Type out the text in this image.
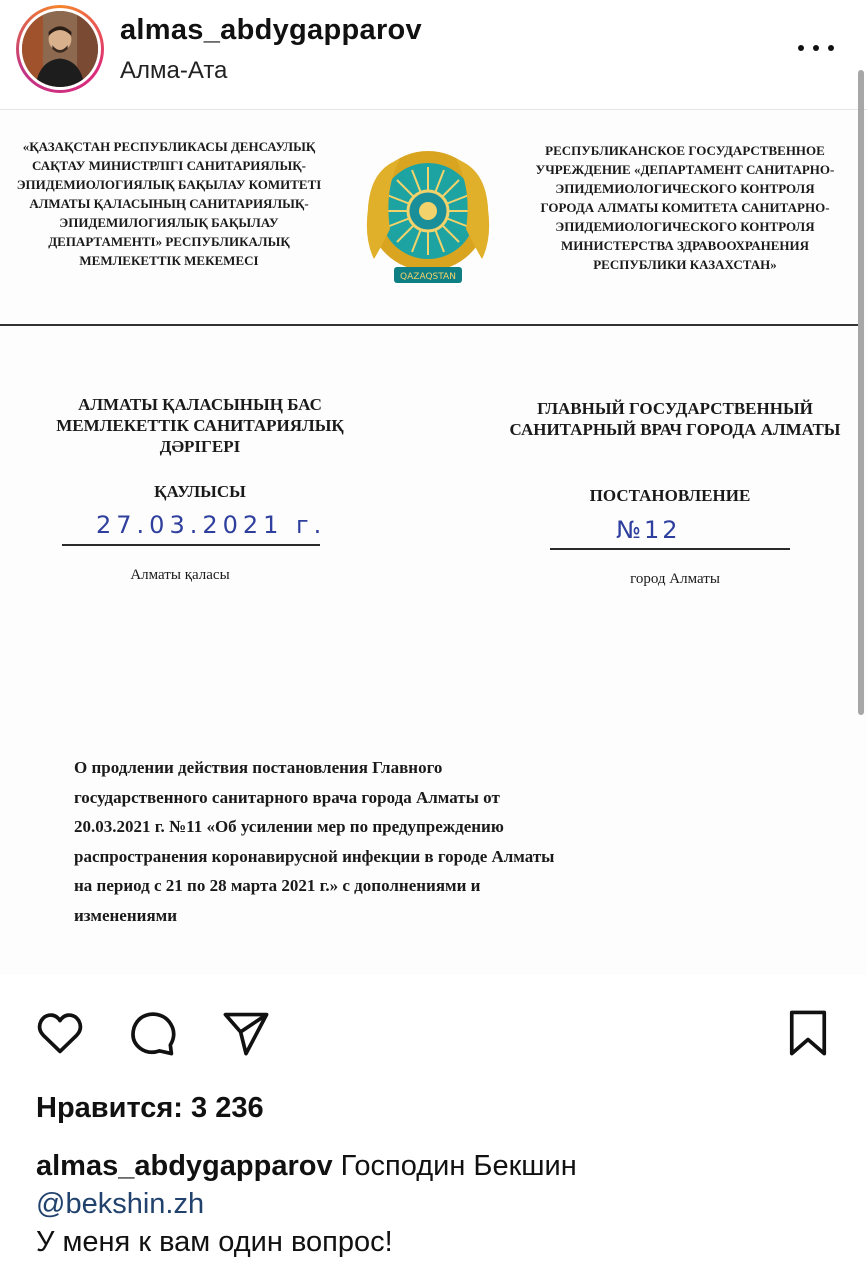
almas_abdygapparov
Алма-Ата
«ҚАЗАҚСТАН РЕСПУБЛИКАСЫ ДЕНСАУЛЫҚ САҚТАУ МИНИСТРЛІГІ САНИТАРИЯЛЫҚ-ЭПИДЕМИОЛОГИЯЛЫҚ БАҚЫЛАУ КОМИТЕТІ АЛМАТЫ ҚАЛАСЫНЫҢ САНИТАРИЯЛЫҚ-ЭПИДЕМИЛОГИЯЛЫҚ БАҚЫЛАУ ДЕПАРТАМЕНТІ» РЕСПУБЛИКАЛЫҚ МЕМЛЕКЕТТІК МЕКЕМЕСІ
QAZAQSTAN
РЕСПУБЛИКАНСКОЕ ГОСУДАРСТВЕННОЕ УЧРЕЖДЕНИЕ «ДЕПАРТАМЕНТ САНИТАРНО-ЭПИДЕМИОЛОГИЧЕСКОГО КОНТРОЛЯ ГОРОДА АЛМАТЫ КОМИТЕТА САНИТАРНО-ЭПИДЕМИОЛОГИЧЕСКОГО КОНТРОЛЯ МИНИСТЕРСТВА ЗДРАВООХРАНЕНИЯ РЕСПУБЛИКИ КАЗАХСТАН»
АЛМАТЫ ҚАЛАСЫНЫҢ БАС МЕМЛЕКЕТТІК САНИТАРИЯЛЫҚ ДӘРІГЕРІ
ГЛАВНЫЙ ГОСУДАРСТВЕННЫЙ САНИТАРНЫЙ ВРАЧ ГОРОДА АЛМАТЫ
ҚАУЛЫСЫ	ПОСТАНОВЛЕНИЕ
27.03.2021 г.	№12
Алматы қаласы	город Алматы
О продлении действия постановления Главного государственного санитарного врача города Алматы от 20.03.2021 г. №11 «Об усилении мер по предупреждению распространения коронавирусной инфекции в городе Алматы на период с 21 по 28 марта 2021 г.» с дополнениями и изменениями
Нравится: 3 236
almas_abdygapparov Господин Бекшин
@bekshin.zh
У меня к вам один вопрос!
